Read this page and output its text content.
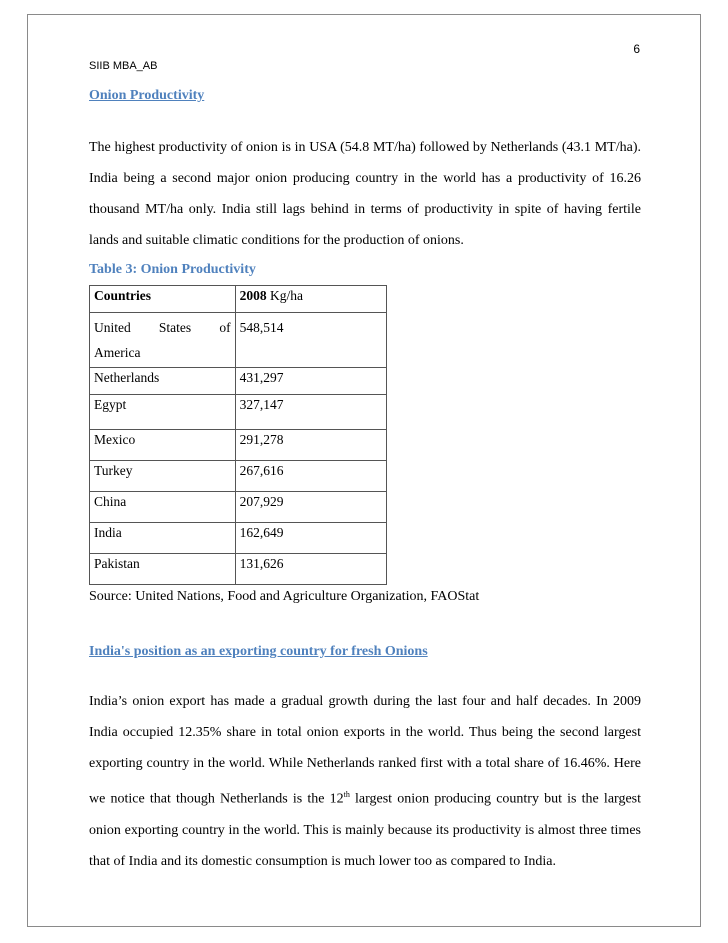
6
SIIB MBA_AB

Onion Productivity

The highest productivity of onion is in USA (54.8 MT/ha) followed by Netherlands (43.1 MT/ha). India being a second major onion producing country in the world has a productivity of 16.26 thousand MT/ha only. India still lags behind in terms of productivity in spite of having fertile lands and suitable climatic conditions for the production of onions.

Table 3: Onion Productivity

Countries	2008 Kg/ha

United States of
America	548,514
Netherlands	431,297
Egypt	327,147
Mexico	291,278
Turkey	267,616
China	207,929
India	162,649
Pakistan	131,626

Source: United Nations, Food and Agriculture Organization, FAOStat

India's position as an exporting country for fresh Onions

India’s onion export has made a gradual growth during the last four and half decades. In 2009 India occupied 12.35% share in total onion exports in the world. Thus being the second largest exporting country in the world. While Netherlands ranked first with a total share of 16.46%. Here we notice that though Netherlands is the 12th largest onion producing country but is the largest onion exporting country in the world. This is mainly because its productivity is almost three times that of India and its domestic consumption is much lower too as compared to India.
